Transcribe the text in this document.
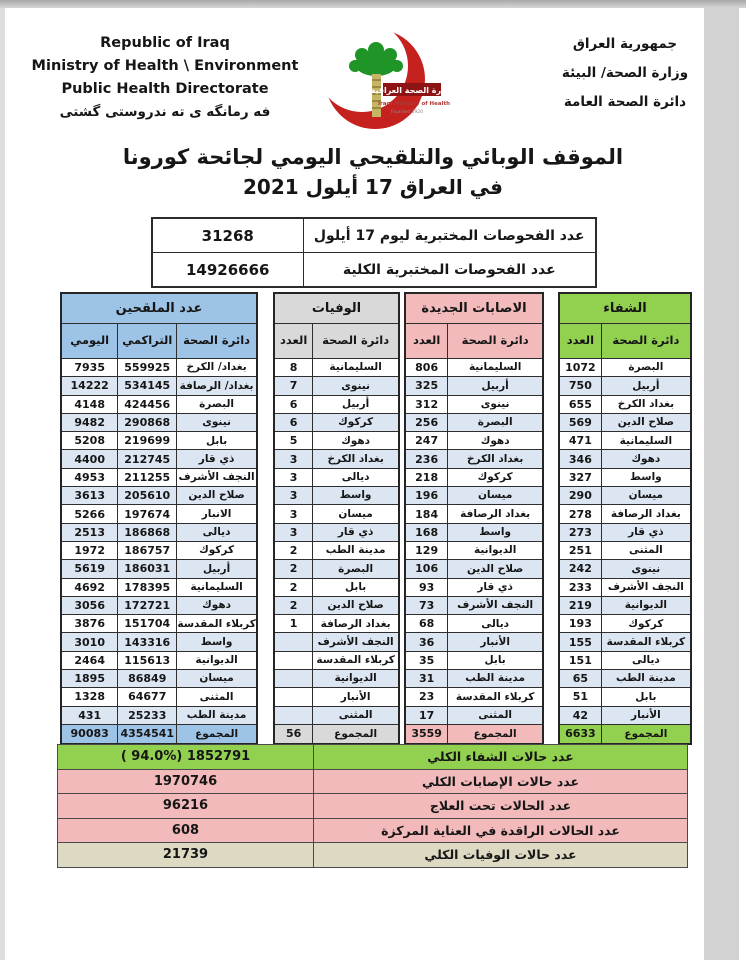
Republic of Iraq
Ministry of Health \ Environment
Public Health Directorate
فه رمانگه ی ته ندروستی گشتی
وزارة الصحة العراقية
Iraqi Ministry of Health
Founded 1920
جمهورية العراق
وزارة الصحة/ البيئة
دائرة الصحة العامة
الموقف الوبائي والتلقيحي اليومي لجائحة كورونا
في العراق 17 أيلول 2021
عدد الفحوصات المختبرية ليوم 17 أيلول	31268
عدد الفحوصات المختبرية الكلية	14926666
عدد الملقحين		
دائرة الصحة	التراكمي	اليومي
بغداد/ الكرخ	559925	7935
بغداد/ الرصافة	534145	14222
البصرة	424456	4148
نينوى	290868	9482
بابل	219699	5208
ذي قار	212745	4400
النجف الأشرف	211255	4953
صلاح الدين	205610	3613
الانبار	197674	5266
ديالى	186868	2513
كركوك	186757	1972
أربيل	186031	5619
السليمانية	178395	4692
دهوك	172721	3056
كربلاء المقدسة	151704	3876
واسط	143316	3010
الديوانية	115613	2464
ميسان	86849	1895
المثنى	64677	1328
مدينة الطب	25233	431
المجموع	4354541	90083
الوفيات	
دائرة الصحة	العدد
السليمانية	8
نينوى	7
أربيل	6
كركوك	6
دهوك	5
بغداد الكرخ	3
ديالى	3
واسط	3
ميسان	3
ذي قار	3
مدينة الطب	2
البصرة	2
بابل	2
صلاح الدين	2
بغداد الرصافة	1
النجف الأشرف	
كربلاء المقدسة	
الديوانية	
الأنبار	
المثنى	
المجموع	56
الاصابات الجديدة	
دائرة الصحة	العدد
السليمانية	806
أربيل	325
نينوى	312
البصرة	256
دهوك	247
بغداد الكرخ	236
كركوك	218
ميسان	196
بغداد الرصافة	184
واسط	168
الديوانية	129
صلاح الدين	106
ذي قار	93
النجف الأشرف	73
ديالى	68
الأنبار	36
بابل	35
مدينة الطب	31
كربلاء المقدسة	23
المثنى	17
المجموع	3559
الشفاء	
دائرة الصحة	العدد
البصرة	1072
أربيل	750
بغداد الكرخ	655
صلاح الدين	569
السليمانية	471
دهوك	346
واسط	327
ميسان	290
بغداد الرصافة	278
ذي قار	273
المثنى	251
نينوى	242
النجف الأشرف	233
الديوانية	219
كركوك	193
كربلاء المقدسة	155
ديالى	151
مدينة الطب	65
بابل	51
الأنبار	42
المجموع	6633
عدد حالات الشفاء الكلي	( 94.0%) 1852791
عدد حالات الإصابات الكلي	1970746
عدد الحالات تحت العلاج	96216
عدد الحالات الراقدة في العناية المركزة	608
عدد حالات الوفيات الكلي	21739
